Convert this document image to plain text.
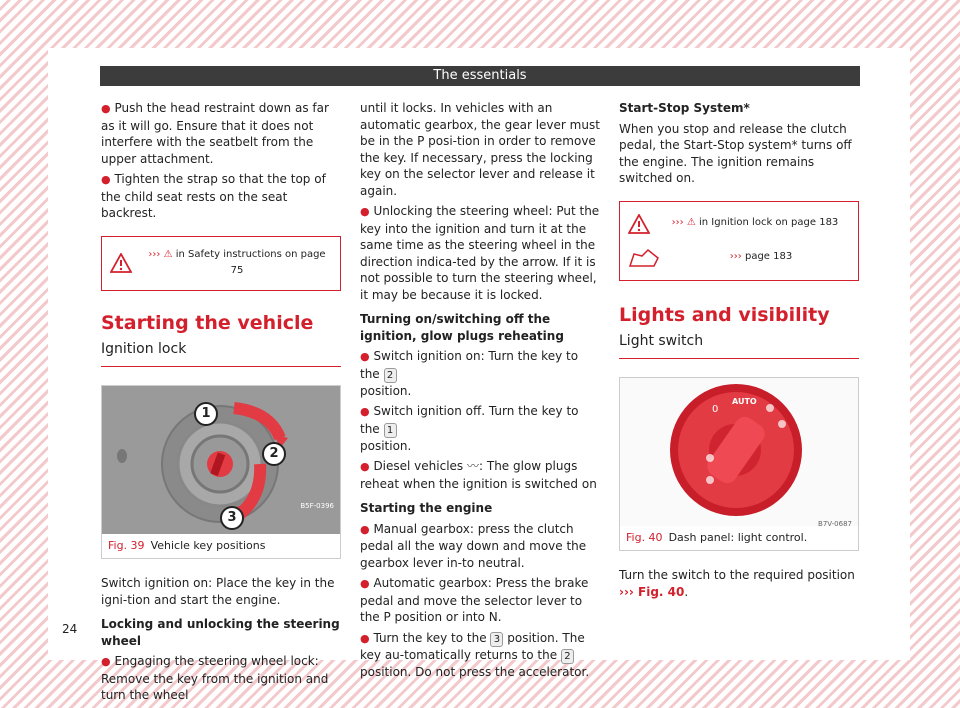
The essentials
● Push the head restraint down as far as it will go. Ensure that it does not interfere with the seatbelt from the upper attachment.
● Tighten the strap so that the top of the child seat rests on the seat backrest.
››› ⚠ in Safety instructions on page 75
Starting the vehicle
Ignition lock
1
2
3
B5F-0396
Fig. 39 Vehicle key positions

Switch ignition on: Place the key in the igni-tion and start the engine.

Locking and unlocking the steering wheel

● Engaging the steering wheel lock: Remove the key from the ignition and turn the wheel

until it locks. In vehicles with an automatic gearbox, the gear lever must be in the P posi-tion in order to remove the key. If necessary, press the locking key on the selector lever and release it again.

● Unlocking the steering wheel: Put the key into the ignition and turn it at the same time as the steering wheel in the direction indica-ted by the arrow. If it is not possible to turn the steering wheel, it may be because it is locked.

Turning on/switching off the ignition, glow plugs reheating

● Switch ignition on: Turn the key to the 2
position.
● Switch ignition off. Turn the key to the 1
position.
● Diesel vehicles 〰: The glow plugs reheat when the ignition is switched on

Starting the engine

● Manual gearbox: press the clutch pedal all the way down and move the gearbox lever in-to neutral.
● Automatic gearbox: Press the brake pedal and move the selector lever to the P position or into N.
● Turn the key to the 3 position. The key au-tomatically returns to the 2 position. Do not press the accelerator.

Start-Stop System*

When you stop and release the clutch pedal, the Start-Stop system* turns off the engine. The ignition remains switched on.

››› ⚠ in Ignition lock on page 183
››› page 183
Lights and visibility
Light switch
0
AUTO
B7V-0687
Fig. 40 Dash panel: light control.

Turn the switch to the required position
››› Fig. 40.

24
